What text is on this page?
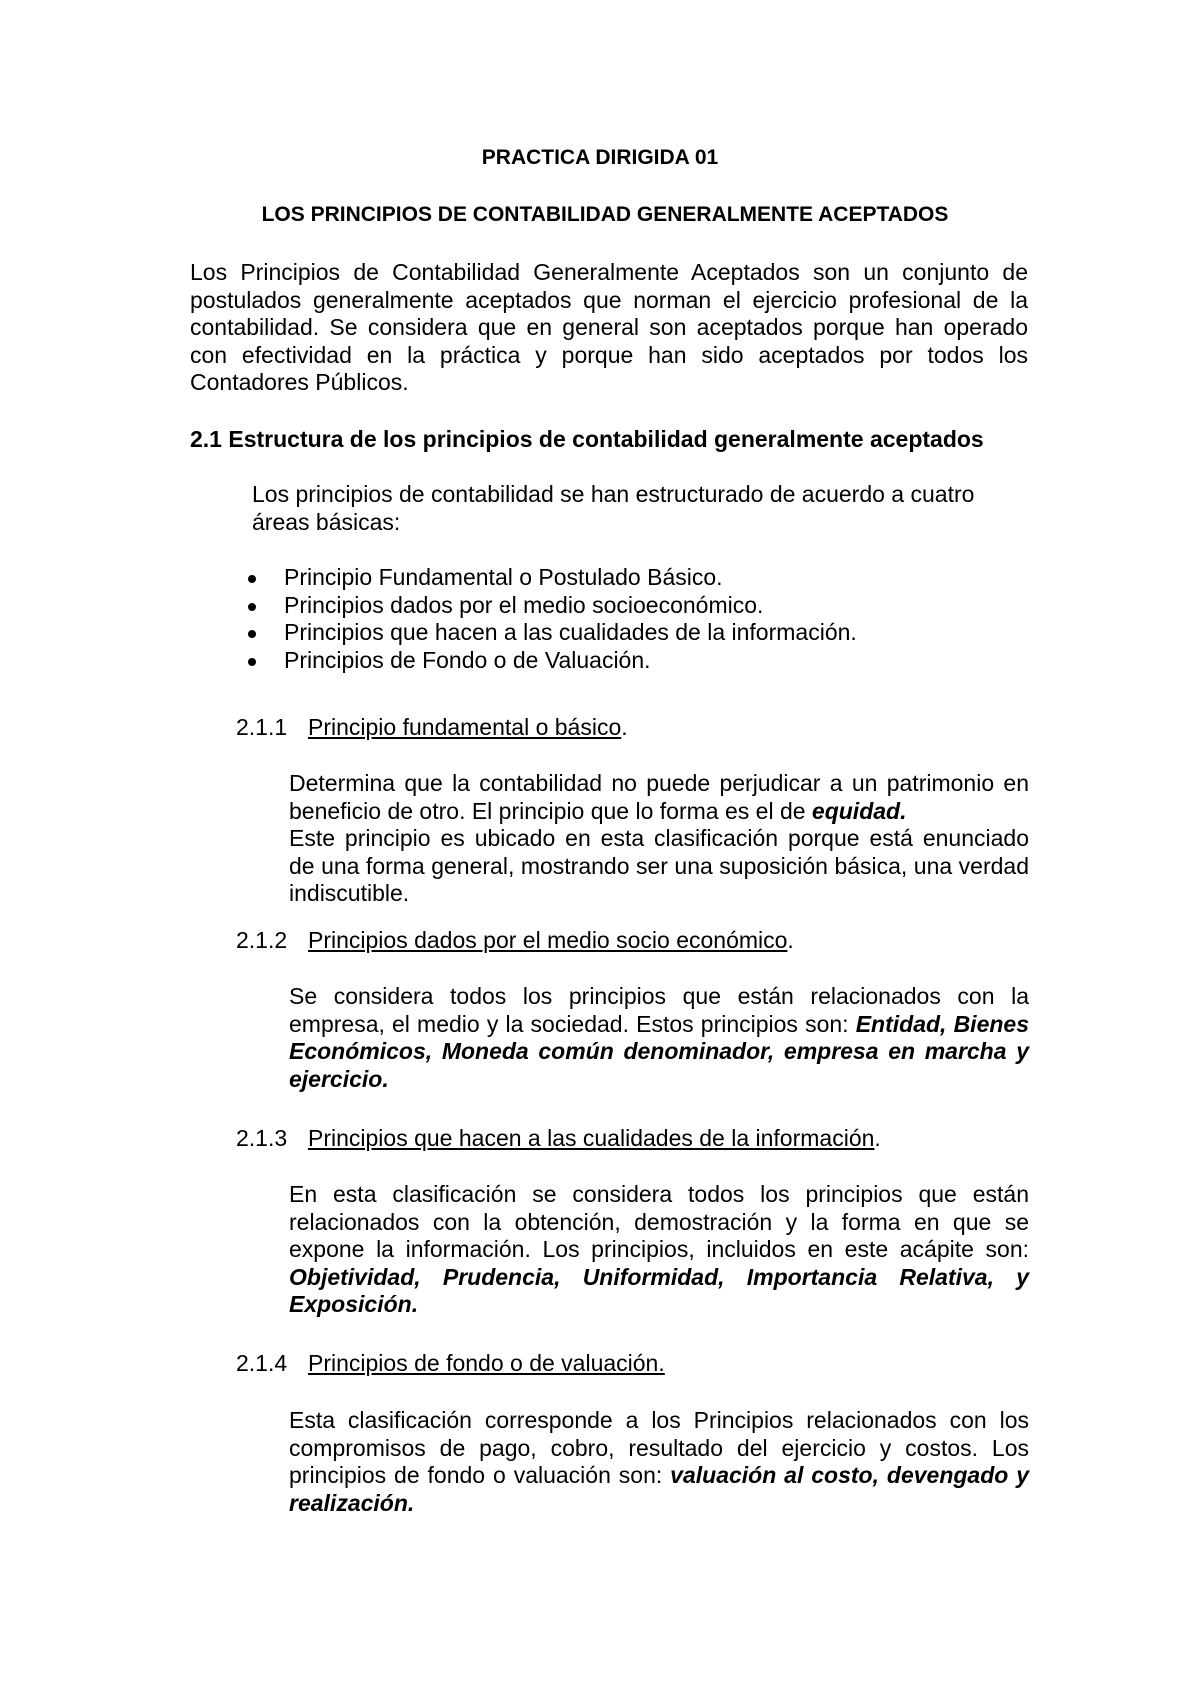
PRACTICA DIRIGIDA 01
LOS PRINCIPIOS DE CONTABILIDAD GENERALMENTE ACEPTADOS
Los Principios de Contabilidad Generalmente Aceptados son un conjunto de postulados generalmente aceptados que norman el ejercicio profesional de la contabilidad. Se considera que en general son aceptados porque han operado con efectividad en la práctica y porque han sido aceptados por todos los Contadores Públicos.
2.1 Estructura de los principios de contabilidad generalmente aceptados
Los principios de contabilidad se han estructurado de acuerdo a cuatro áreas básicas:
Principio Fundamental o Postulado Básico.
Principios dados por el medio socioeconómico.
Principios que hacen a las cualidades de la información.
Principios de Fondo o de Valuación.
2.1.1 Principio fundamental o básico.
Determina que la contabilidad no puede perjudicar a un patrimonio en beneficio de otro. El principio que lo forma es el de equidad.
Este principio es ubicado en esta clasificación porque está enunciado de una forma general, mostrando ser una suposición básica, una verdad indiscutible.
2.1.2 Principios dados por el medio socio económico.
Se considera todos los principios que están relacionados con la empresa, el medio y la sociedad. Estos principios son: Entidad, Bienes Económicos, Moneda común denominador, empresa en marcha y ejercicio.
2.1.3 Principios que hacen a las cualidades de la información.
En esta clasificación se considera todos los principios que están relacionados con la obtención, demostración y la forma en que se expone la información. Los principios, incluidos en este acápite son: Objetividad, Prudencia, Uniformidad, Importancia Relativa, y Exposición.
2.1.4 Principios de fondo o de valuación.
Esta clasificación corresponde a los Principios relacionados con los compromisos de pago, cobro, resultado del ejercicio y costos. Los principios de fondo o valuación son: valuación al costo, devengado y realización.
